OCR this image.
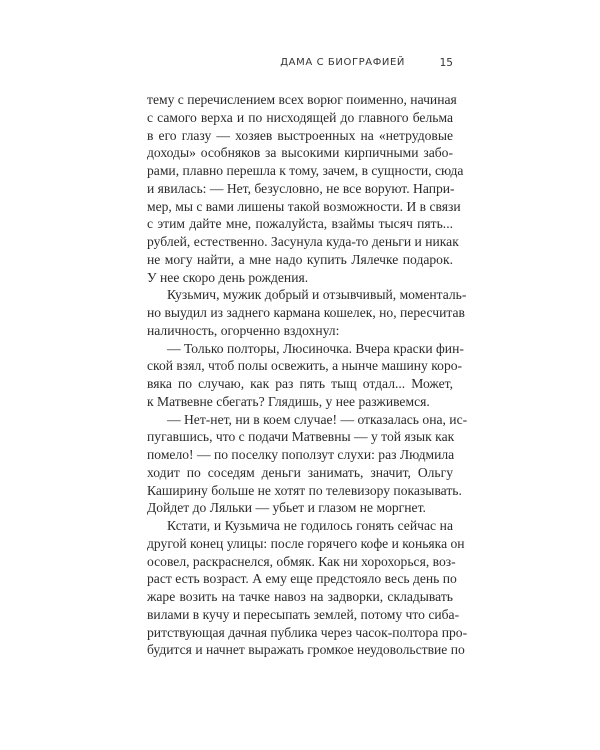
ДАМА С БИОГРАФИЕЙ	15
тему с перечислением всех ворюг поименно, начиная
с самого верха и по нисходящей до главного бельма
в его глазу — хозяев выстроенных на «нетрудовые
доходы» особняков за высокими кирпичными забо-
рами, плавно перешла к тому, зачем, в сущности, сюда
и явилась: — Нет, безусловно, не все воруют. Напри-
мер, мы с вами лишены такой возможности. И в связи
с этим дайте мне, пожалуйста, взаймы тысяч пять...
рублей, естественно. Засунула куда-то деньги и никак
не могу найти, а мне надо купить Лялечке подарок.
У нее скоро день рождения.
Кузьмич, мужик добрый и отзывчивый, моменталь-
но выудил из заднего кармана кошелек, но, пересчитав
наличность, огорченно вздохнул:
— Только полторы, Люсиночка. Вчера краски фин-
ской взял, чтоб полы освежить, а нынче машину коро-
вяка по случаю, как раз пять тыщ отдал... Может,
к Матвевне сбегать? Глядишь, у нее разживемся.
— Нет-нет, ни в коем случае! — отказалась она, ис-
пугавшись, что с подачи Матвевны — у той язык как
помело! — по поселку поползут слухи: раз Людмила
ходит по соседям деньги занимать, значит, Ольгу
Каширину больше не хотят по телевизору показывать.
Дойдет до Ляльки — убьет и глазом не моргнет.
Кстати, и Кузьмича не годилось гонять сейчас на
другой конец улицы: после горячего кофе и коньяка он
осовел, раскраснелся, обмяк. Как ни хорохорься, воз-
раст есть возраст. А ему еще предстояло весь день по
жаре возить на тачке навоз на задворки, складывать
вилами в кучу и пересыпать землей, потому что сиба-
ритствующая дачная публика через часок-полтора про-
будится и начнет выражать громкое неудовольствие по
